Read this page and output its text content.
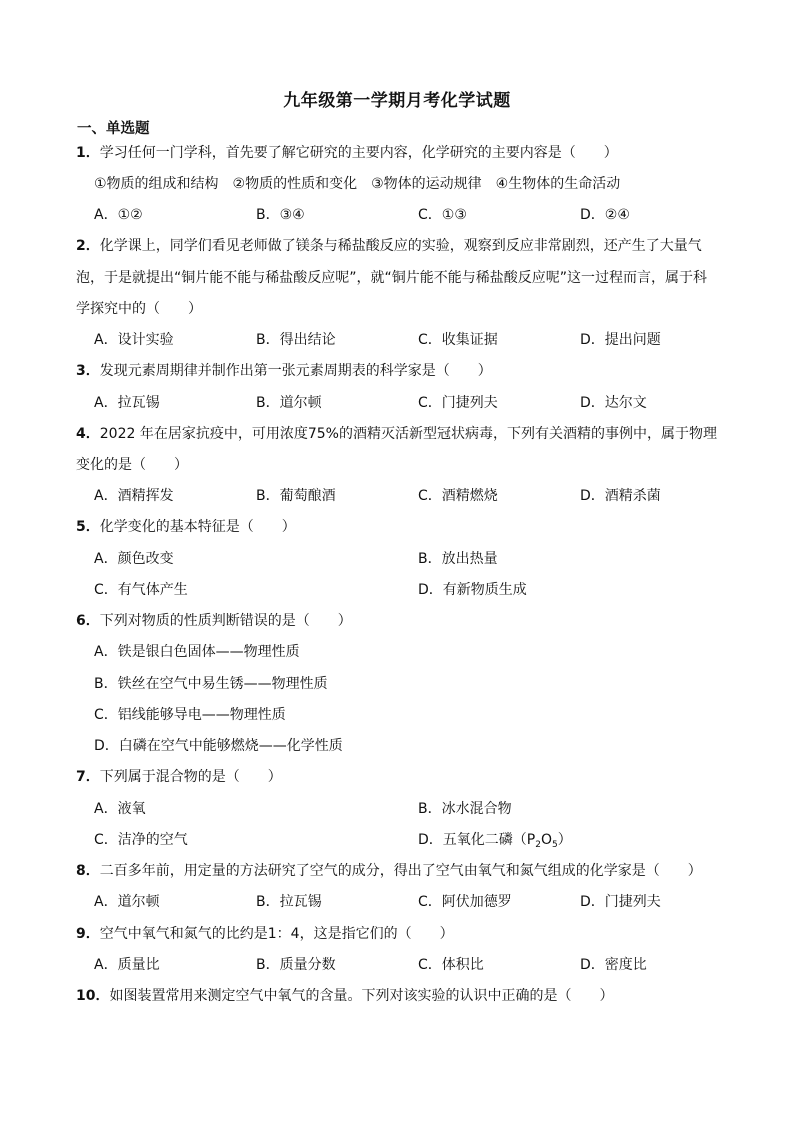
九年级第一学期月考化学试题
一、单选题
1．学习任何一门学科，首先要了解它研究的主要内容，化学研究的主要内容是（　　）
①物质的组成和结构　②物质的性质和变化　③物体的运动规律　④生物体的生命活动
A．①②	B．③④	C．①③	D．②④
2．化学课上，同学们看见老师做了镁条与稀盐酸反应的实验，观察到反应非常剧烈，还产生了大量气
泡，于是就提出“铜片能不能与稀盐酸反应呢”，就“铜片能不能与稀盐酸反应呢”这一过程而言，属于科
学探究中的（　　）
A．设计实验	B．得出结论	C．收集证据	D．提出问题
3．发现元素周期律并制作出第一张元素周期表的科学家是（　　）
A．拉瓦锡	B．道尔顿	C．门捷列夫	D．达尔文
4．2022 年在居家抗疫中，可用浓度75%的酒精灭活新型冠状病毒，下列有关酒精的事例中，属于物理
变化的是（　　）
A．酒精挥发	B．葡萄酿酒	C．酒精燃烧	D．酒精杀菌
5．化学变化的基本特征是（　　）
A．颜色改变	B．放出热量
C．有气体产生	D．有新物质生成
6．下列对物质的性质判断错误的是（　　）
A．铁是银白色固体——物理性质
B．铁丝在空气中易生锈——物理性质
C．铝线能够导电——物理性质
D．白磷在空气中能够燃烧——化学性质
7．下列属于混合物的是（　　）
A．液氧	B．冰水混合物
C．洁净的空气	D．五氧化二磷$(P_2O_5)$
8．二百多年前，用定量的方法研究了空气的成分，得出了空气由氧气和氮气组成的化学家是（　　）
A．道尔顿	B．拉瓦锡	C．阿伏加德罗	D．门捷列夫
9．空气中氧气和氮气的比约是1：4，这是指它们的（　　）
A．质量比	B．质量分数	C．体积比	D．密度比
10．如图装置常用来测定空气中氧气的含量。下列对该实验的认识中正确的是（　　）
